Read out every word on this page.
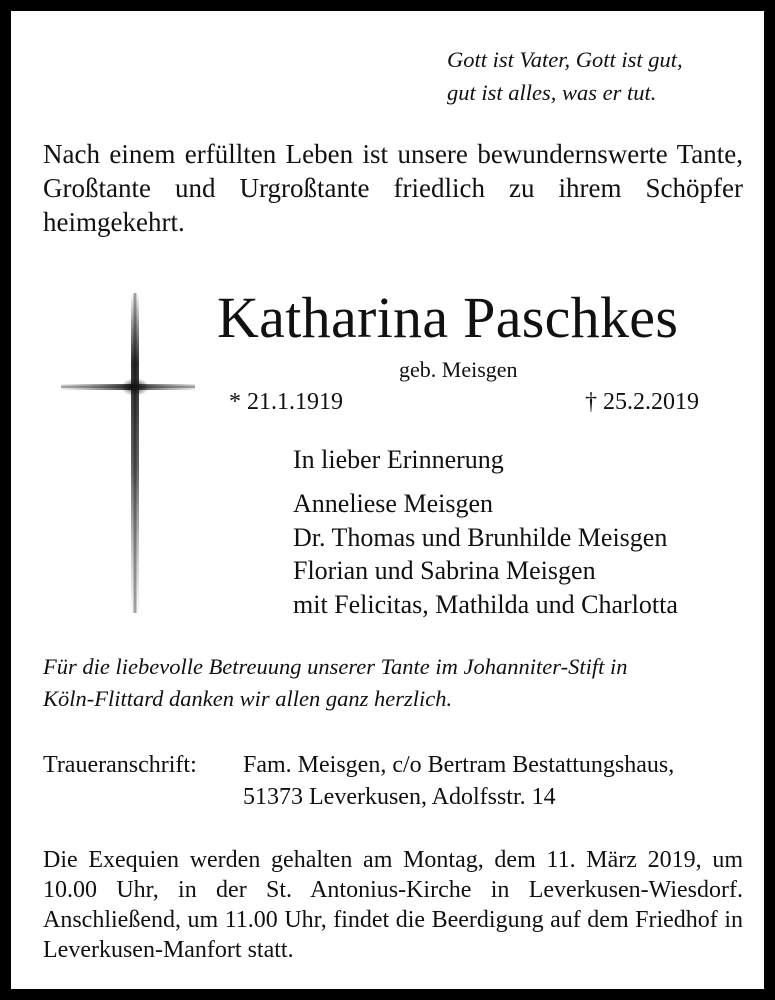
Gott ist Vater, Gott ist gut,
gut ist alles, was er tut.
Nach einem erfüllten Leben ist unsere bewundernswerte Tante, Großtante und Urgroßtante friedlich zu ihrem Schöpfer heimgekehrt.
Katharina Paschkes
geb. Meisgen
* 21.1.1919	† 25.2.2019
In lieber Erinnerung
Anneliese Meisgen
Dr. Thomas und Brunhilde Meisgen
Florian und Sabrina Meisgen
mit Felicitas, Mathilda und Charlotta
Für die liebevolle Betreuung unserer Tante im Johanniter-Stift in
Köln-Flittard danken wir allen ganz herzlich.
Traueranschrift: Fam. Meisgen, c/o Bertram Bestattungshaus,
51373 Leverkusen, Adolfsstr. 14
Die Exequien werden gehalten am Montag, dem 11. März 2019, um 10.00 Uhr, in der St. Antonius-Kirche in Leverkusen-Wiesdorf. Anschließend, um 11.00 Uhr, findet die Beerdigung auf dem Friedhof in Leverkusen-Manfort statt.
